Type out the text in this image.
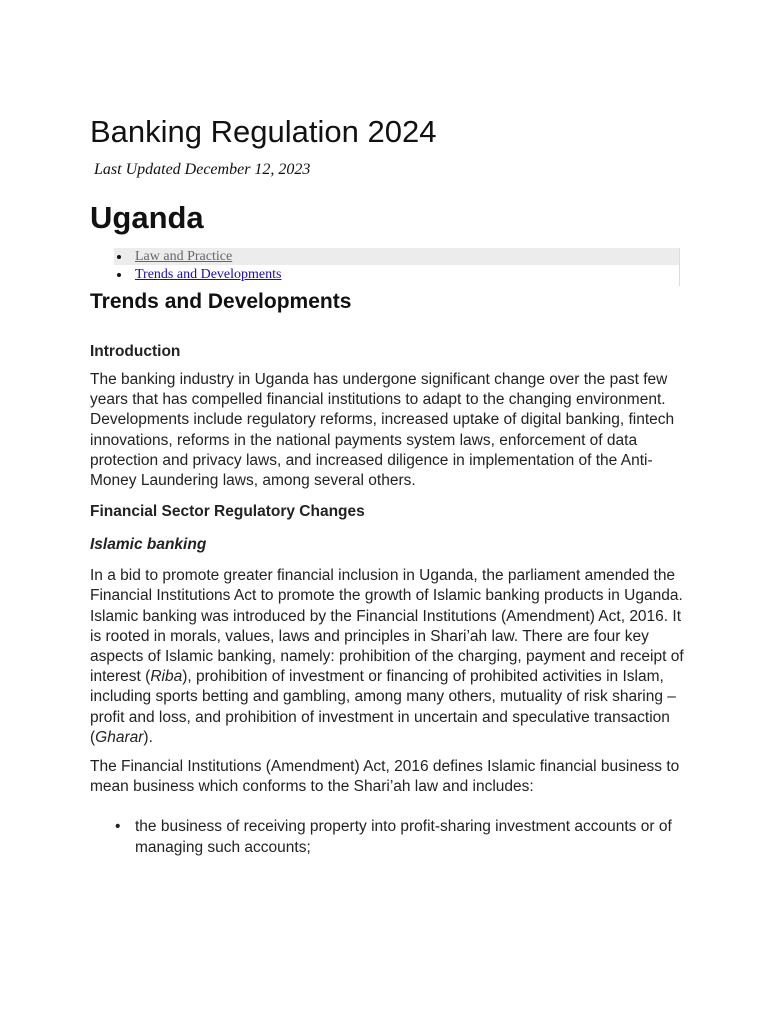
Banking Regulation 2024
Last Updated December 12, 2023
Uganda
Law and Practice
Trends and Developments
Trends and Developments
Introduction

The banking industry in Uganda has undergone significant change over the past few years that has compelled financial institutions to adapt to the changing environment. Developments include regulatory reforms, increased uptake of digital banking, fintech innovations, reforms in the national payments system laws, enforcement of data protection and privacy laws, and increased diligence in implementation of the Anti-Money Laundering laws, among several others.

Financial Sector Regulatory Changes
Islamic banking

In a bid to promote greater financial inclusion in Uganda, the parliament amended the Financial Institutions Act to promote the growth of Islamic banking products in Uganda. Islamic banking was introduced by the Financial Institutions (Amendment) Act, 2016. It is rooted in morals, values, laws and principles in Shari’ah law. There are four key aspects of Islamic banking, namely: prohibition of the charging, payment and receipt of interest (Riba), prohibition of investment or financing of prohibited activities in Islam, including sports betting and gambling, among many others, mutuality of risk sharing – profit and loss, and prohibition of investment in uncertain and speculative transaction (Gharar).

The Financial Institutions (Amendment) Act, 2016 defines Islamic financial business to mean business which conforms to the Shari’ah law and includes:

• the business of receiving property into profit-sharing investment accounts or of managing such accounts;
